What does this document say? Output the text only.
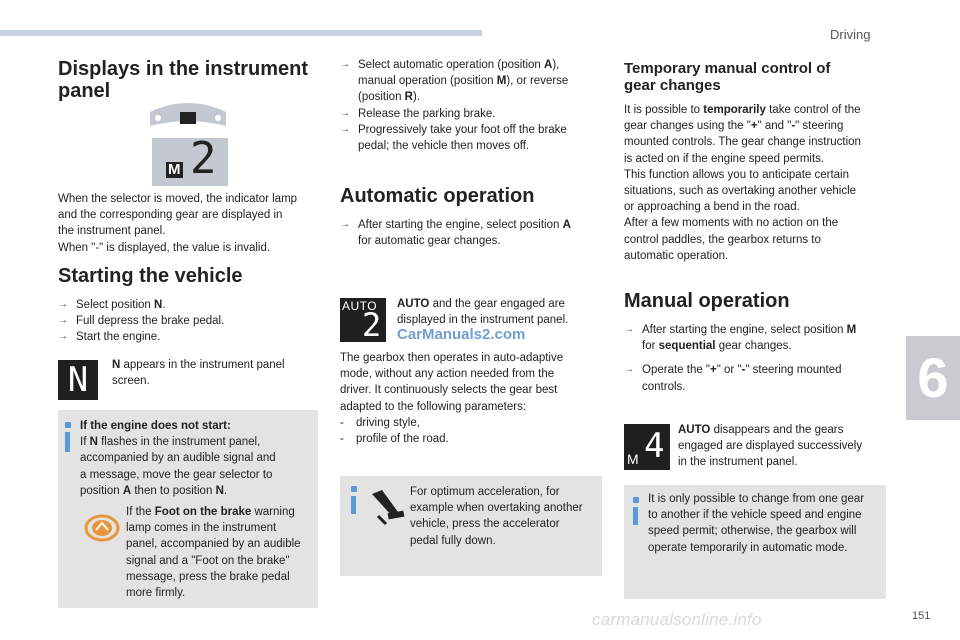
Driving
6
151
carmanualsonline.info
Displays in the instrument
panel
M 2

When the selector is moved, the indicator lamp

and the corresponding gear are displayed in

the instrument panel.

When "-" is displayed, the value is invalid.

Starting the vehicle

→ Select position N.

→ Full depress the brake pedal.

→ Start the engine.

N	N appears in the instrument panel

screen.

If the engine does not start:

If N flashes in the instrument panel,

accompanied by an audible signal and

a message, move the gear selector to

position A then to position N.

If the Foot on the brake warning

lamp comes in the instrument

panel, accompanied by an audible

signal and a "Foot on the brake"

message, press the brake pedal

more firmly.

→ Select automatic operation (position A),

manual operation (position M), or reverse

(position R).

→ Release the parking brake.

→ Progressively take your foot off the brake

pedal; the vehicle then moves off.

Automatic operation

→ After starting the engine, select position A

for automatic gear changes.

AUTO
2

AUTO and the gear engaged are

displayed in the instrument panel.

CarManuals2.com

The gearbox then operates in auto-adaptive

mode, without any action needed from the

driver. It continuously selects the gear best

adapted to the following parameters:

- driving style,

- profile of the road.

For optimum acceleration, for

example when overtaking another

vehicle, press the accelerator

pedal fully down.

Temporary manual control of
gear changes

It is possible to temporarily take control of the

gear changes using the "+" and "-" steering

mounted controls. The gear change instruction

is acted on if the engine speed permits.

This function allows you to anticipate certain

situations, such as overtaking another vehicle

or approaching a bend in the road.

After a few moments with no action on the

control paddles, the gearbox returns to

automatic operation.

Manual operation

→ After starting the engine, select position M

for sequential gear changes.

→ Operate the "+" or "-" steering mounted

controls.

M 4 AUTO disappears and the gears

engaged are displayed successively

in the instrument panel.

It is only possible to change from one gear

to another if the vehicle speed and engine

speed permit; otherwise, the gearbox will

operate temporarily in automatic mode.
